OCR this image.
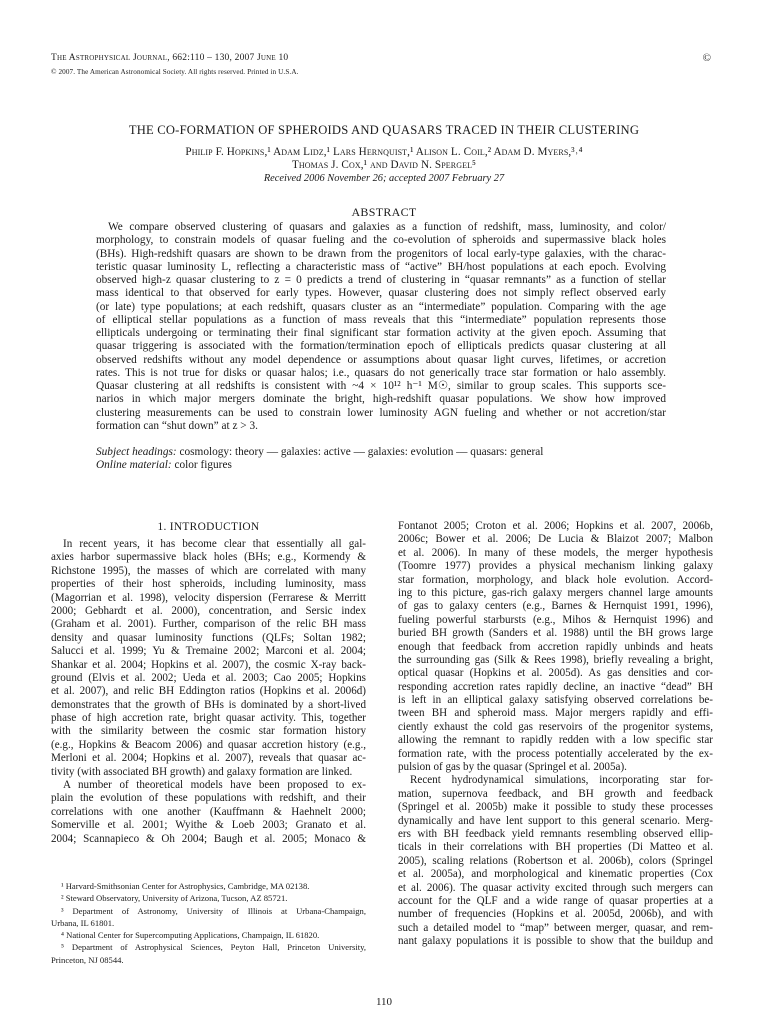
The Astrophysical Journal, 662:110 – 130, 2007 June 10	©
© 2007. The American Astronomical Society. All rights reserved. Printed in U.S.A.
THE CO-FORMATION OF SPHEROIDS AND QUASARS TRACED IN THEIR CLUSTERING
Philip F. Hopkins,¹ Adam Lidz,¹ Lars Hernquist,¹ Alison L. Coil,² Adam D. Myers,³˒⁴
Thomas J. Cox,¹ and David N. Spergel⁵
Received 2006 November 26; accepted 2007 February 27
ABSTRACT
We compare observed clustering of quasars and galaxies as a function of redshift, mass, luminosity, and color/
morphology, to constrain models of quasar fueling and the co-evolution of spheroids and supermassive black holes
(BHs). High-redshift quasars are shown to be drawn from the progenitors of local early-type galaxies, with the charac-
teristic quasar luminosity L, reflecting a characteristic mass of “active” BH/host populations at each epoch. Evolving
observed high-z quasar clustering to z = 0 predicts a trend of clustering in “quasar remnants” as a function of stellar
mass identical to that observed for early types. However, quasar clustering does not simply reflect observed early
(or late) type populations; at each redshift, quasars cluster as an “intermediate” population. Comparing with the age
of elliptical stellar populations as a function of mass reveals that this “intermediate” population represents those
ellipticals undergoing or terminating their final significant star formation activity at the given epoch. Assuming that
quasar triggering is associated with the formation/termination epoch of ellipticals predicts quasar clustering at all
observed redshifts without any model dependence or assumptions about quasar light curves, lifetimes, or accretion
rates. This is not true for disks or quasar halos; i.e., quasars do not generically trace star formation or halo assembly.
Quasar clustering at all redshifts is consistent with ~4 × 10¹² h⁻¹ M☉, similar to group scales. This supports sce-
narios in which major mergers dominate the bright, high-redshift quasar populations. We show how improved
clustering measurements can be used to constrain lower luminosity AGN fueling and whether or not accretion/star
formation can “shut down” at z > 3.
Subject headings: cosmology: theory — galaxies: active — galaxies: evolution — quasars: general
Online material: color figures
1. INTRODUCTION
In recent years, it has become clear that essentially all gal-
axies harbor supermassive black holes (BHs; e.g., Kormendy &
Richstone 1995), the masses of which are correlated with many
properties of their host spheroids, including luminosity, mass
(Magorrian et al. 1998), velocity dispersion (Ferrarese & Merritt
2000; Gebhardt et al. 2000), concentration, and Sersic index
(Graham et al. 2001). Further, comparison of the relic BH mass
density and quasar luminosity functions (QLFs; Soltan 1982;
Salucci et al. 1999; Yu & Tremaine 2002; Marconi et al. 2004;
Shankar et al. 2004; Hopkins et al. 2007), the cosmic X-ray back-
ground (Elvis et al. 2002; Ueda et al. 2003; Cao 2005; Hopkins
et al. 2007), and relic BH Eddington ratios (Hopkins et al. 2006d)
demonstrates that the growth of BHs is dominated by a short-lived
phase of high accretion rate, bright quasar activity. This, together
with the similarity between the cosmic star formation history
(e.g., Hopkins & Beacom 2006) and quasar accretion history (e.g.,
Merloni et al. 2004; Hopkins et al. 2007), reveals that quasar ac-
tivity (with associated BH growth) and galaxy formation are linked.
A number of theoretical models have been proposed to ex-
plain the evolution of these populations with redshift, and their
correlations with one another (Kauffmann & Haehnelt 2000;
Somerville et al. 2001; Wyithe & Loeb 2003; Granato et al.
2004; Scannapieco & Oh 2004; Baugh et al. 2005; Monaco &
Fontanot 2005; Croton et al. 2006; Hopkins et al. 2007, 2006b,
2006c; Bower et al. 2006; De Lucia & Blaizot 2007; Malbon
et al. 2006). In many of these models, the merger hypothesis
(Toomre 1977) provides a physical mechanism linking galaxy
star formation, morphology, and black hole evolution. Accord-
ing to this picture, gas-rich galaxy mergers channel large amounts
of gas to galaxy centers (e.g., Barnes & Hernquist 1991, 1996),
fueling powerful starbursts (e.g., Mihos & Hernquist 1996) and
buried BH growth (Sanders et al. 1988) until the BH grows large
enough that feedback from accretion rapidly unbinds and heats
the surrounding gas (Silk & Rees 1998), briefly revealing a bright,
optical quasar (Hopkins et al. 2005d). As gas densities and cor-
responding accretion rates rapidly decline, an inactive “dead” BH
is left in an elliptical galaxy satisfying observed correlations be-
tween BH and spheroid mass. Major mergers rapidly and effi-
ciently exhaust the cold gas reservoirs of the progenitor systems,
allowing the remnant to rapidly redden with a low specific star
formation rate, with the process potentially accelerated by the ex-
pulsion of gas by the quasar (Springel et al. 2005a).
Recent hydrodynamical simulations, incorporating star for-
mation, supernova feedback, and BH growth and feedback
(Springel et al. 2005b) make it possible to study these processes
dynamically and have lent support to this general scenario. Merg-
ers with BH feedback yield remnants resembling observed ellip-
ticals in their correlations with BH properties (Di Matteo et al.
2005), scaling relations (Robertson et al. 2006b), colors (Springel
et al. 2005a), and morphological and kinematic properties (Cox
et al. 2006). The quasar activity excited through such mergers can
account for the QLF and a wide range of quasar properties at a
number of frequencies (Hopkins et al. 2005d, 2006b), and with
such a detailed model to “map” between merger, quasar, and rem-
nant galaxy populations it is possible to show that the buildup and
¹ Harvard-Smithsonian Center for Astrophysics, Cambridge, MA 02138.
² Steward Observatory, University of Arizona, Tucson, AZ 85721.
³ Department of Astronomy, University of Illinois at Urbana-Champaign,
Urbana, IL 61801.
⁴ National Center for Supercomputing Applications, Champaign, IL 61820.
⁵ Department of Astrophysical Sciences, Peyton Hall, Princeton University,
Princeton, NJ 08544.
110
